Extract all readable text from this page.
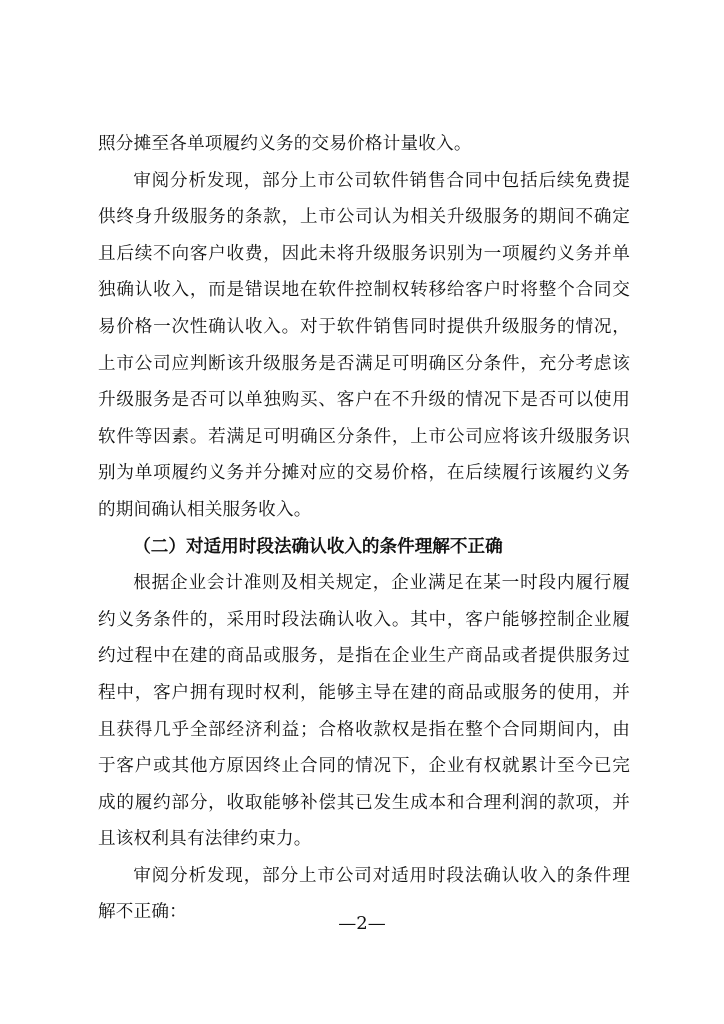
照分摊至各单项履约义务的交易价格计量收入。

审阅分析发现，部分上市公司软件销售合同中包括后续免费提供终身升级服务的条款，上市公司认为相关升级服务的期间不确定且后续不向客户收费，因此未将升级服务识别为一项履约义务并单独确认收入，而是错误地在软件控制权转移给客户时将整个合同交易价格一次性确认收入。对于软件销售同时提供升级服务的情况，上市公司应判断该升级服务是否满足可明确区分条件，充分考虑该升级服务是否可以单独购买、客户在不升级的情况下是否可以使用软件等因素。若满足可明确区分条件，上市公司应将该升级服务识别为单项履约义务并分摊对应的交易价格，在后续履行该履约义务的期间确认相关服务收入。

（二）对适用时段法确认收入的条件理解不正确

根据企业会计准则及相关规定，企业满足在某一时段内履行履约义务条件的，采用时段法确认收入。其中，客户能够控制企业履约过程中在建的商品或服务，是指在企业生产商品或者提供服务过程中，客户拥有现时权利，能够主导在建的商品或服务的使用，并且获得几乎全部经济利益；合格收款权是指在整个合同期间内，由于客户或其他方原因终止合同的情况下，企业有权就累计至今已完成的履约部分，收取能够补偿其已发生成本和合理利润的款项，并且该权利具有法律约束力。

审阅分析发现，部分上市公司对适用时段法确认收入的条件理解不正确：

—2—
